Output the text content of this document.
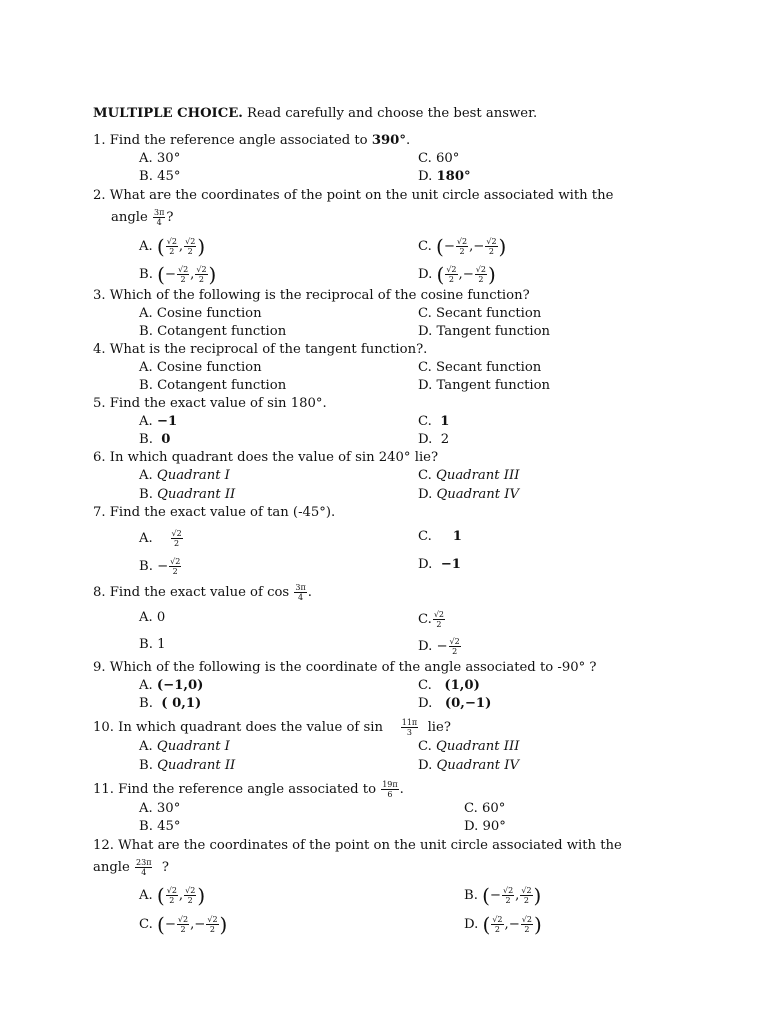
MULTIPLE CHOICE. Read carefully and choose the best answer.
1. Find the reference angle associated to 390°.
A. 30°	C. 60°
B. 45°	D. 180°
2. What are the coordinates of the point on the unit circle associated with the
angle $\frac{3\pi}{4}$ ?
A. ( $\frac{√2}{2}$ , $\frac{√2}{2}$ )	C. (− $\frac{√2}{2}$ ,− $\frac{√2}{2}$ )
B. (− $\frac{√2}{2}$ , $\frac{√2}{2}$ )	D. ( $\frac{√2}{2}$ ,− $\frac{√2}{2}$ )
3. Which of the following is the reciprocal of the cosine function?
A. Cosine function	C. Secant function
B. Cotangent function	D. Tangent function
4. What is the reciprocal of the tangent function?.
A. Cosine function	C. Secant function
B. Cotangent function	D. Tangent function
5. Find the exact value of sin 180°.
A. −1	C.  1
B.  0	D.  2
6. In which quadrant does the value of sin 240° lie?
A. Quadrant I	C. Quadrant III
B. Quadrant II	D. Quadrant IV
7. Find the exact value of tan (-45°).
A. $\frac{√2}{2}$	C. 1
B. − $\frac{√2}{2}$	D.  −1
8. Find the exact value of $\cos \frac{3\pi}{4}$ .
A. 0	C. $\frac{√2}{2}$
B. 1	D. − $\frac{√2}{2}$
9. Which of the following is the coordinate of the angle associated to -90° ?
A. (−1,0)	C.   (1,0)
B.  ( 0,1)	D.   (0,−1)
10. In which quadrant does the value of $\sin \frac{11\pi}{3}$ lie?
A. Quadrant I	C. Quadrant III
B. Quadrant II	D. Quadrant IV
11. Find the reference angle associated to $\frac{19\pi}{6}$ .
A. 30°	C. 60°
B. 45°	D. 90°
12. What are the coordinates of the point on the unit circle associated with the
angle $\frac{23\pi}{4}$ ?
A. ( $\frac{√2}{2}$ , $\frac{√2}{2}$ )	B. (− $\frac{√2}{2}$ , $\frac{√2}{2}$ )
C. (− $\frac{√2}{2}$ ,− $\frac{√2}{2}$ )	D. ( $\frac{√2}{2}$ ,− $\frac{√2}{2}$ )
